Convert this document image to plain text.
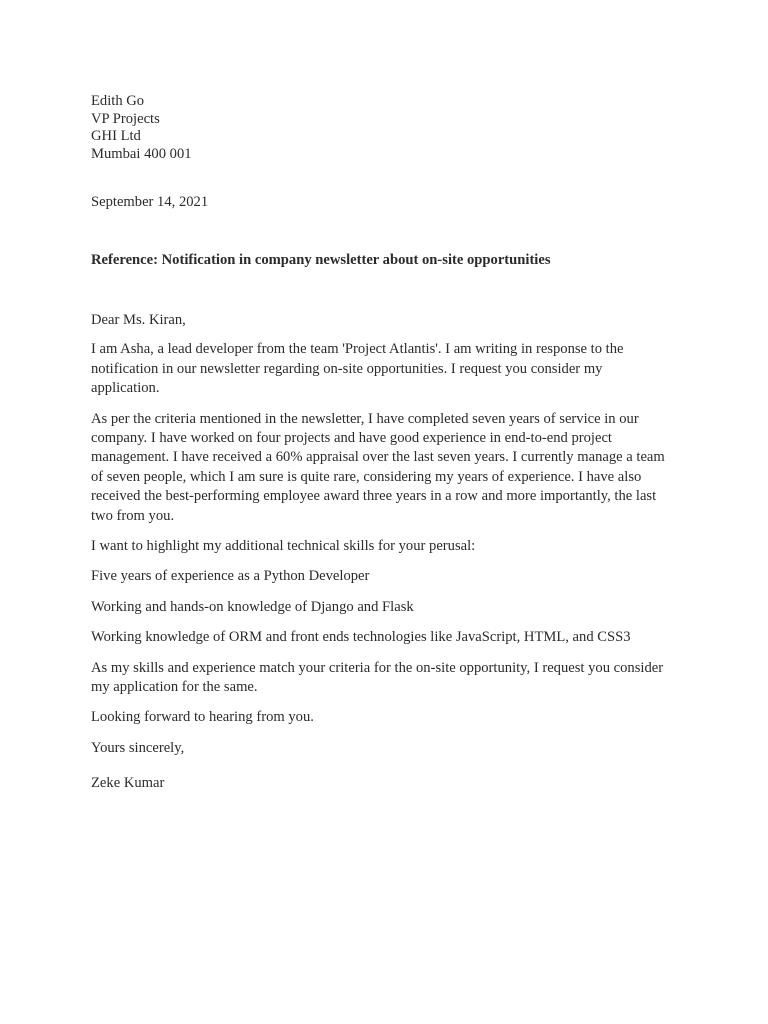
Edith Go
VP Projects
GHI Ltd
Mumbai 400 001
September 14, 2021
Reference: Notification in company newsletter about on-site opportunities
Dear Ms. Kiran,
I am Asha, a lead developer from the team 'Project Atlantis'. I am writing in response to the notification in our newsletter regarding on-site opportunities. I request you consider my application.
As per the criteria mentioned in the newsletter, I have completed seven years of service in our company. I have worked on four projects and have good experience in end-to-end project management. I have received a 60% appraisal over the last seven years. I currently manage a team of seven people, which I am sure is quite rare, considering my years of experience. I have also received the best-performing employee award three years in a row and more importantly, the last two from you.
I want to highlight my additional technical skills for your perusal:
Five years of experience as a Python Developer
Working and hands-on knowledge of Django and Flask
Working knowledge of ORM and front ends technologies like JavaScript, HTML, and CSS3
As my skills and experience match your criteria for the on-site opportunity, I request you consider my application for the same.
Looking forward to hearing from you.
Yours sincerely,
Zeke Kumar
